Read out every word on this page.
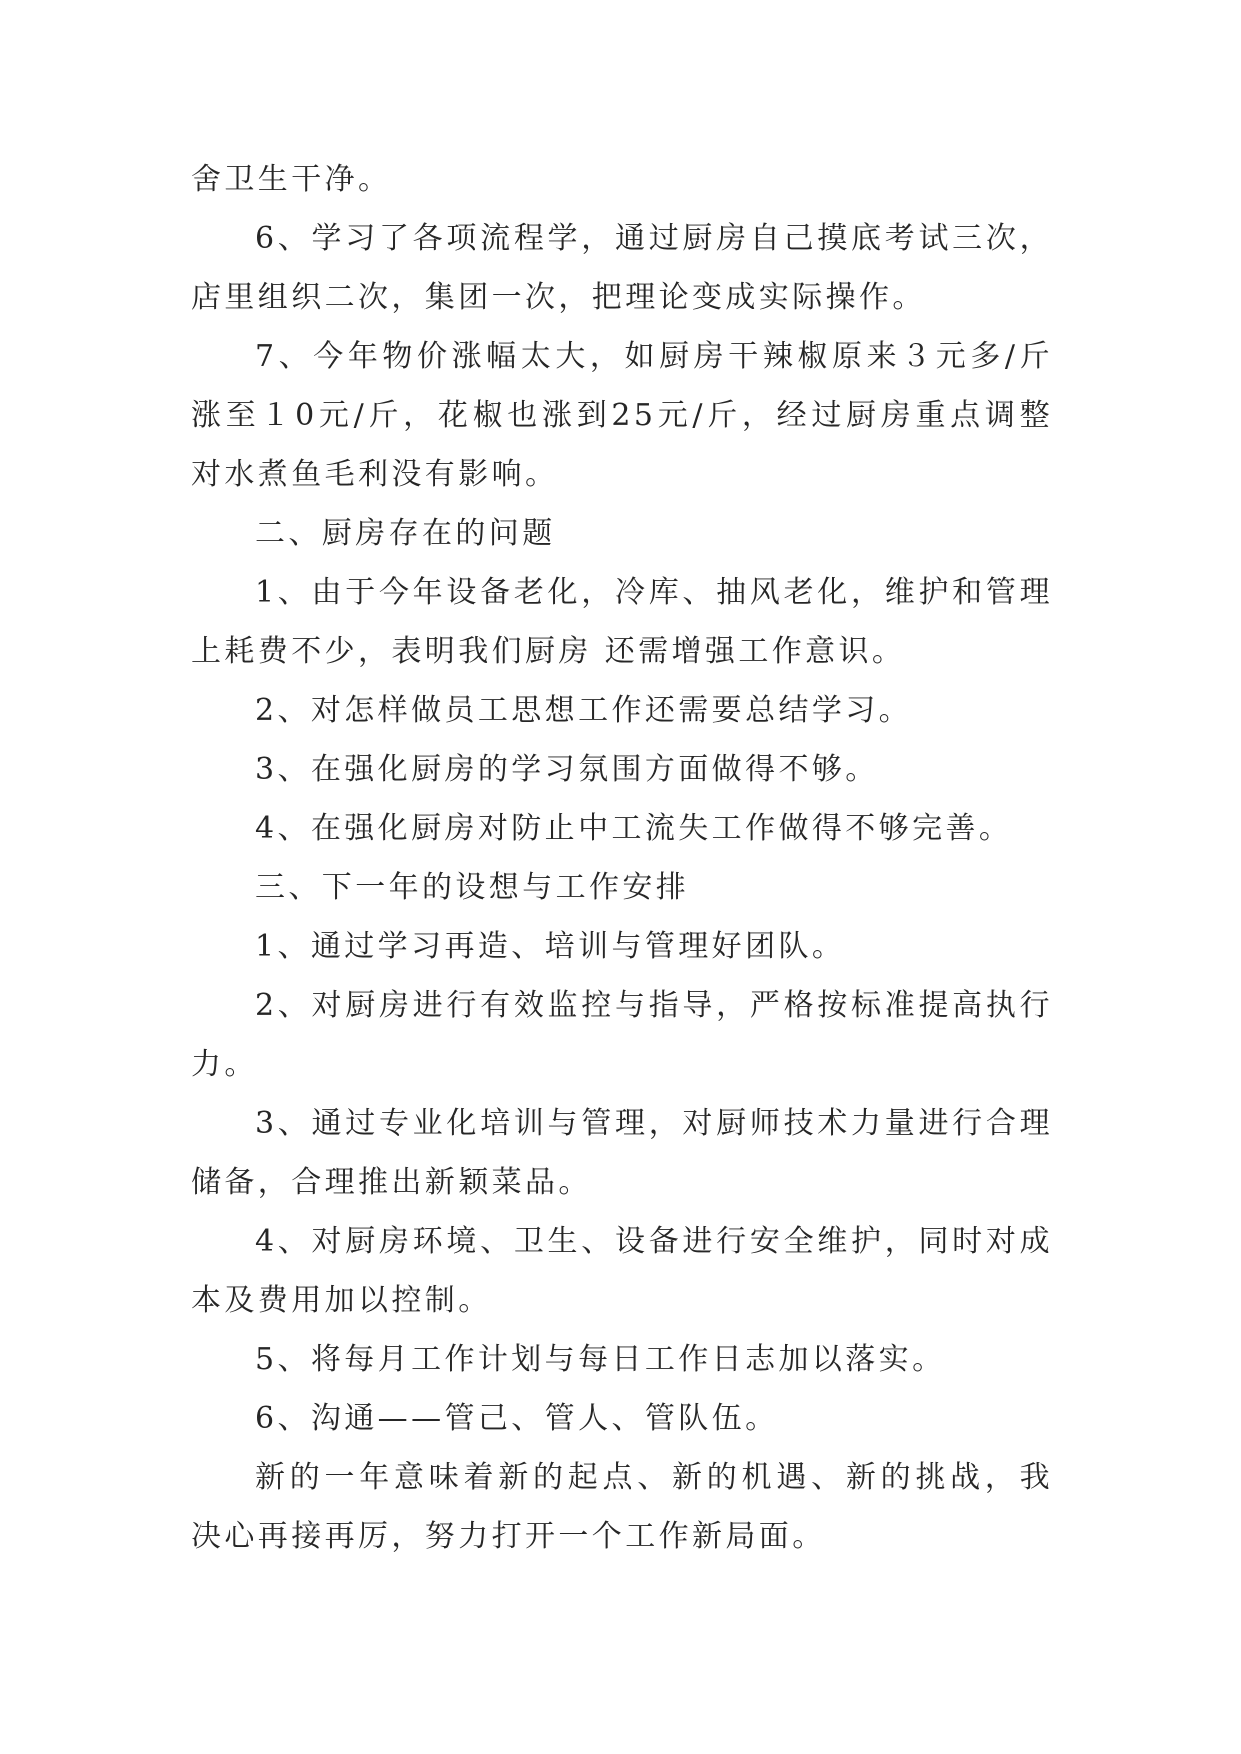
舍卫生干净。

6、学习了各项流程学，通过厨房自己摸底考试三次，店里组织二次，集团一次，把理论变成实际操作。

7、今年物价涨幅太大，如厨房干辣椒原来３元多/斤涨至１0元/斤，花椒也涨到25元/斤，经过厨房重点调整对水煮鱼毛利没有影响。

二、厨房存在的问题

1、由于今年设备老化，冷库、抽风老化，维护和管理上耗费不少，表明我们厨房 还需增强工作意识。

2、对怎样做员工思想工作还需要总结学习。

3、在强化厨房的学习氛围方面做得不够。

4、在强化厨房对防止中工流失工作做得不够完善。

三、下一年的设想与工作安排

1、通过学习再造、培训与管理好团队。

2、对厨房进行有效监控与指导，严格按标准提高执行力。

3、通过专业化培训与管理，对厨师技术力量进行合理储备，合理推出新颖菜品。

4、对厨房环境、卫生、设备进行安全维护，同时对成本及费用加以控制。

5、将每月工作计划与每日工作日志加以落实。

6、沟通——管己、管人、管队伍。

新的一年意味着新的起点、新的机遇、新的挑战，我决心再接再厉，努力打开一个工作新局面。
